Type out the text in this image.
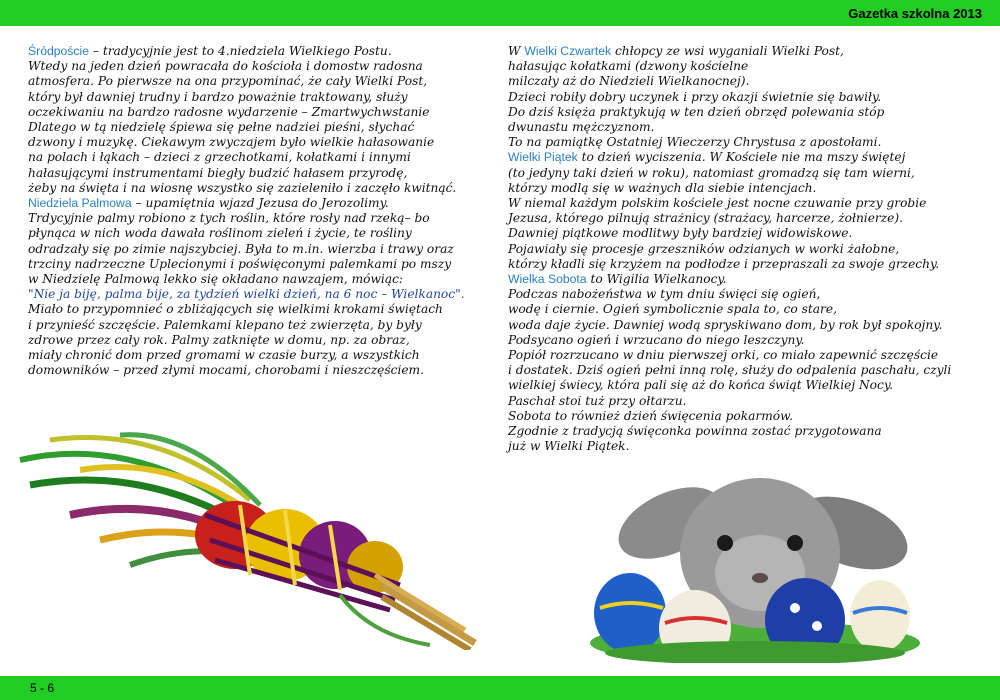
Gazetka szkolna 2013

Śródpoście – tradycyjnie jest to 4.niedziela Wielkiego Postu.

Wtedy na jeden dzień powracała do kościoła i domostw radosna

atmosfera. Po pierwsze na ona przypominać, że cały Wielki Post,

który był dawniej trudny i bardzo poważnie traktowany, służy

oczekiwaniu na bardzo radosne wydarzenie – Zmartwychwstanie

Dlatego w tą niedzielę śpiewa się pełne nadziei pieśni, słychać

dzwony i muzykę. Ciekawym zwyczajem było wielkie hałasowanie

na polach i łąkach – dzieci z grzechotkami, kołatkami i innymi

hałasującymi instrumentami biegły budzić hałasem przyrodę,

żeby na święta i na wiosnę wszystko się zazieleniło i zaczęło kwitnąć.

Niedziela Palmowa – upamiętnia wjazd Jezusa do Jerozolimy.

Trdycyjnie palmy robiono z tych roślin, które rosły nad rzeką– bo

płynąca w nich woda dawała roślinom zieleń i życie, te rośliny

odradzały się po zimie najszybciej. Była to m.in. wierzba i trawy oraz

trzciny nadrzeczne Uplecionymi i poświęconymi palemkami po mszy

w Niedzielę Palmową lekko się okładano nawzajem, mówiąc:

"Nie ja biję, palma bije, za tydzień wielki dzień, na 6 noc – Wielkanoc".

Miało to przypomnieć o zbliżających się wielkimi krokami świętach

i przynieść szczęście. Palemkami klepano też zwierzęta, by były

zdrowe przez cały rok. Palmy zatknięte w domu, np. za obraz,

miały chronić dom przed gromami w czasie burzy, a wszystkich

domowników – przed złymi mocami, chorobami i nieszczęściem.

W Wielki Czwartek chłopcy ze wsi wyganiali Wielki Post,

hałasując kołatkami (dzwony kościelne

milczały aż do Niedzieli Wielkanocnej).

Dzieci robiły dobry uczynek i przy okazji świetnie się bawiły.

Do dziś księża praktykują w ten dzień obrzęd polewania stóp

dwunastu mężczyznom.

To na pamiątkę Ostatniej Wieczerzy Chrystusa z apostołami.

Wielki Piątek to dzień wyciszenia. W Kościele nie ma mszy świętej

(to jedyny taki dzień w roku), natomiast gromadzą się tam wierni,

którzy modlą się w ważnych dla siebie intencjach.

W niemal każdym polskim kościele jest nocne czuwanie przy grobie

Jezusa, którego pilnują strażnicy (strażacy, harcerze, żołnierze).

Dawniej piątkowe modlitwy były bardziej widowiskowe.

Pojawiały się procesje grzeszników odzianych w worki żałobne,

którzy kładli się krzyżem na podłodze i przepraszali za swoje grzechy.

Wielka Sobota to Wigilia Wielkanocy.

Podczas nabożeństwa w tym dniu święci się ogień,

wodę i ciernie. Ogień symbolicznie spala to, co stare,

woda daje życie. Dawniej wodą spryskiwano dom, by rok był spokojny.

Podsycano ogień i wrzucano do niego leszczyny.

Popiół rozrzucano w dniu pierwszej orki, co miało zapewnić szczęście

i dostatek. Dziś ogień pełni inną rolę, służy do odpalenia paschału, czyli

wielkiej świecy, która pali się aż do końca świąt Wielkiej Nocy.

Paschał stoi tuż przy ołtarzu.

Sobota to również dzień święcenia pokarmów.

Zgodnie z tradycją święconka powinna zostać przygotowana

już w Wielki Piątek.

5 - 6
